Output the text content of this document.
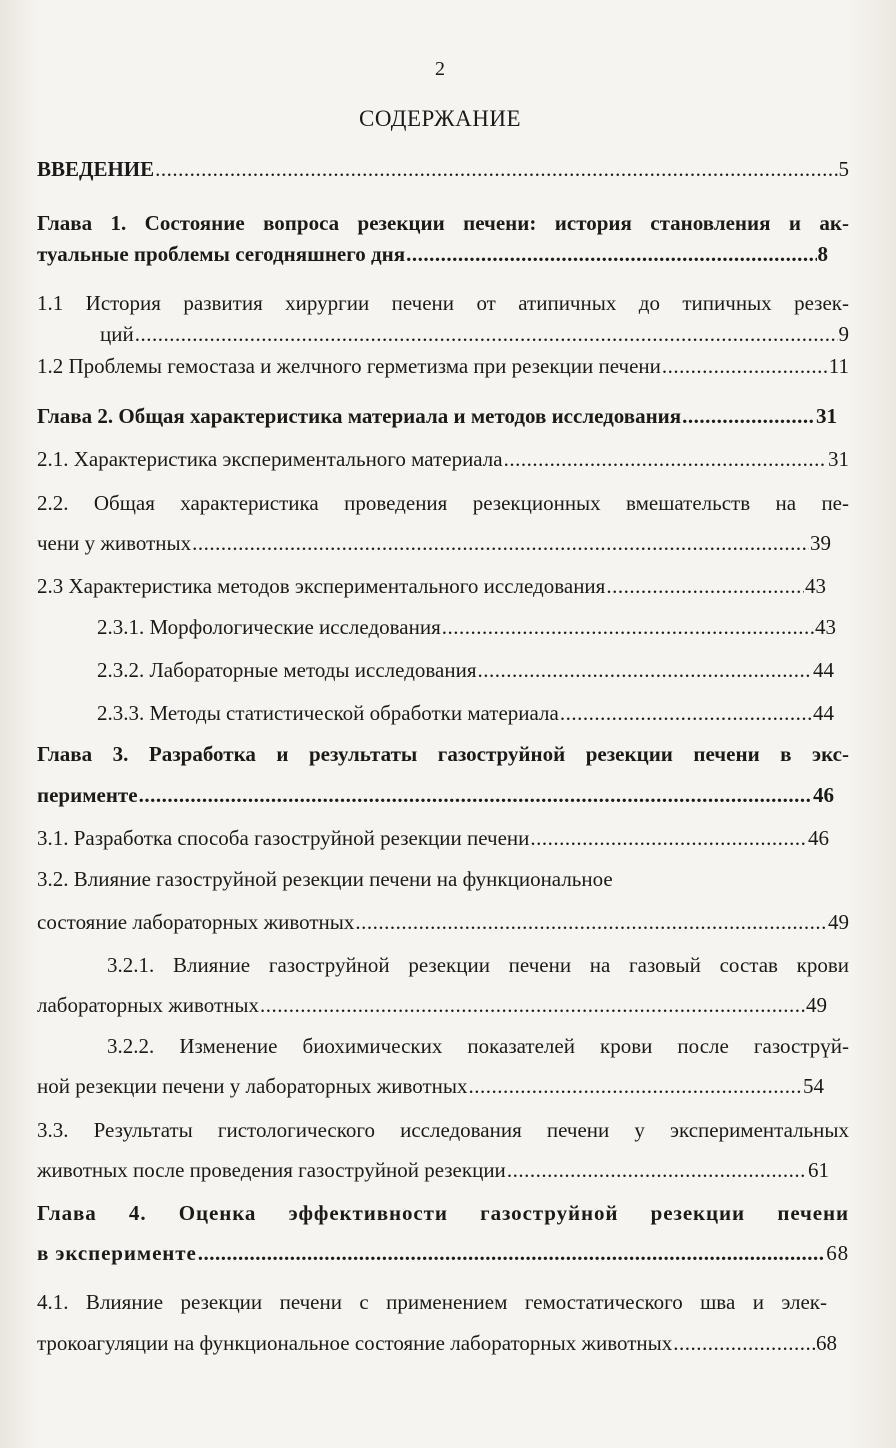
2
СОДЕРЖАНИЕ
ВВЕДЕНИЕ .....	5
Глава 1. Состояние вопроса резекции печени: история становления и ак-
туальные проблемы сегодняшнего дня .....	8
1.1 История развития хирургии печени от атипичных до типичных резек-
ций .....	9
1.2 Проблемы гемостаза и желчного герметизма при резекции печени .....	11
Глава 2. Общая характеристика материала и методов исследования .....	31
2.1. Характеристика экспериментального материала .....	31
2.2. Общая характеристика проведения резекционных вмешательств на пе-
чени у животных .....	39
2.3 Характеристика методов экспериментального исследования .....	43
2.3.1. Морфологические исследования .....	43
2.3.2. Лабораторные методы исследования .....	44
2.3.3. Методы статистической обработки материала .....	44
Глава 3. Разработка и результаты газоструйной резекции печени в экс-
перименте .....	46
3.1. Разработка способа газоструйной резекции печени .....	46
3.2. Влияние газоструйной резекции печени на функциональное
состояние лабораторных животных .....	49
3.2.1. Влияние газоструйной резекции печени на газовый состав крови
лабораторных животных .....	49
3.2.2. Изменение биохимических показателей крови после газострүй-
ной резекции печени у лабораторных животных .....	54
3.3. Результаты гистологического исследования печени у экспериментальных
животных после проведения газоструйной резекции .....	61
Глава 4. Оценка эффективности газоструйной резекции печени
в эксперименте .....	68
4.1. Влияние резекции печени с применением гемостатического шва и элек-
трокоагуляции на функциональное состояние лабораторных животных .....	68
